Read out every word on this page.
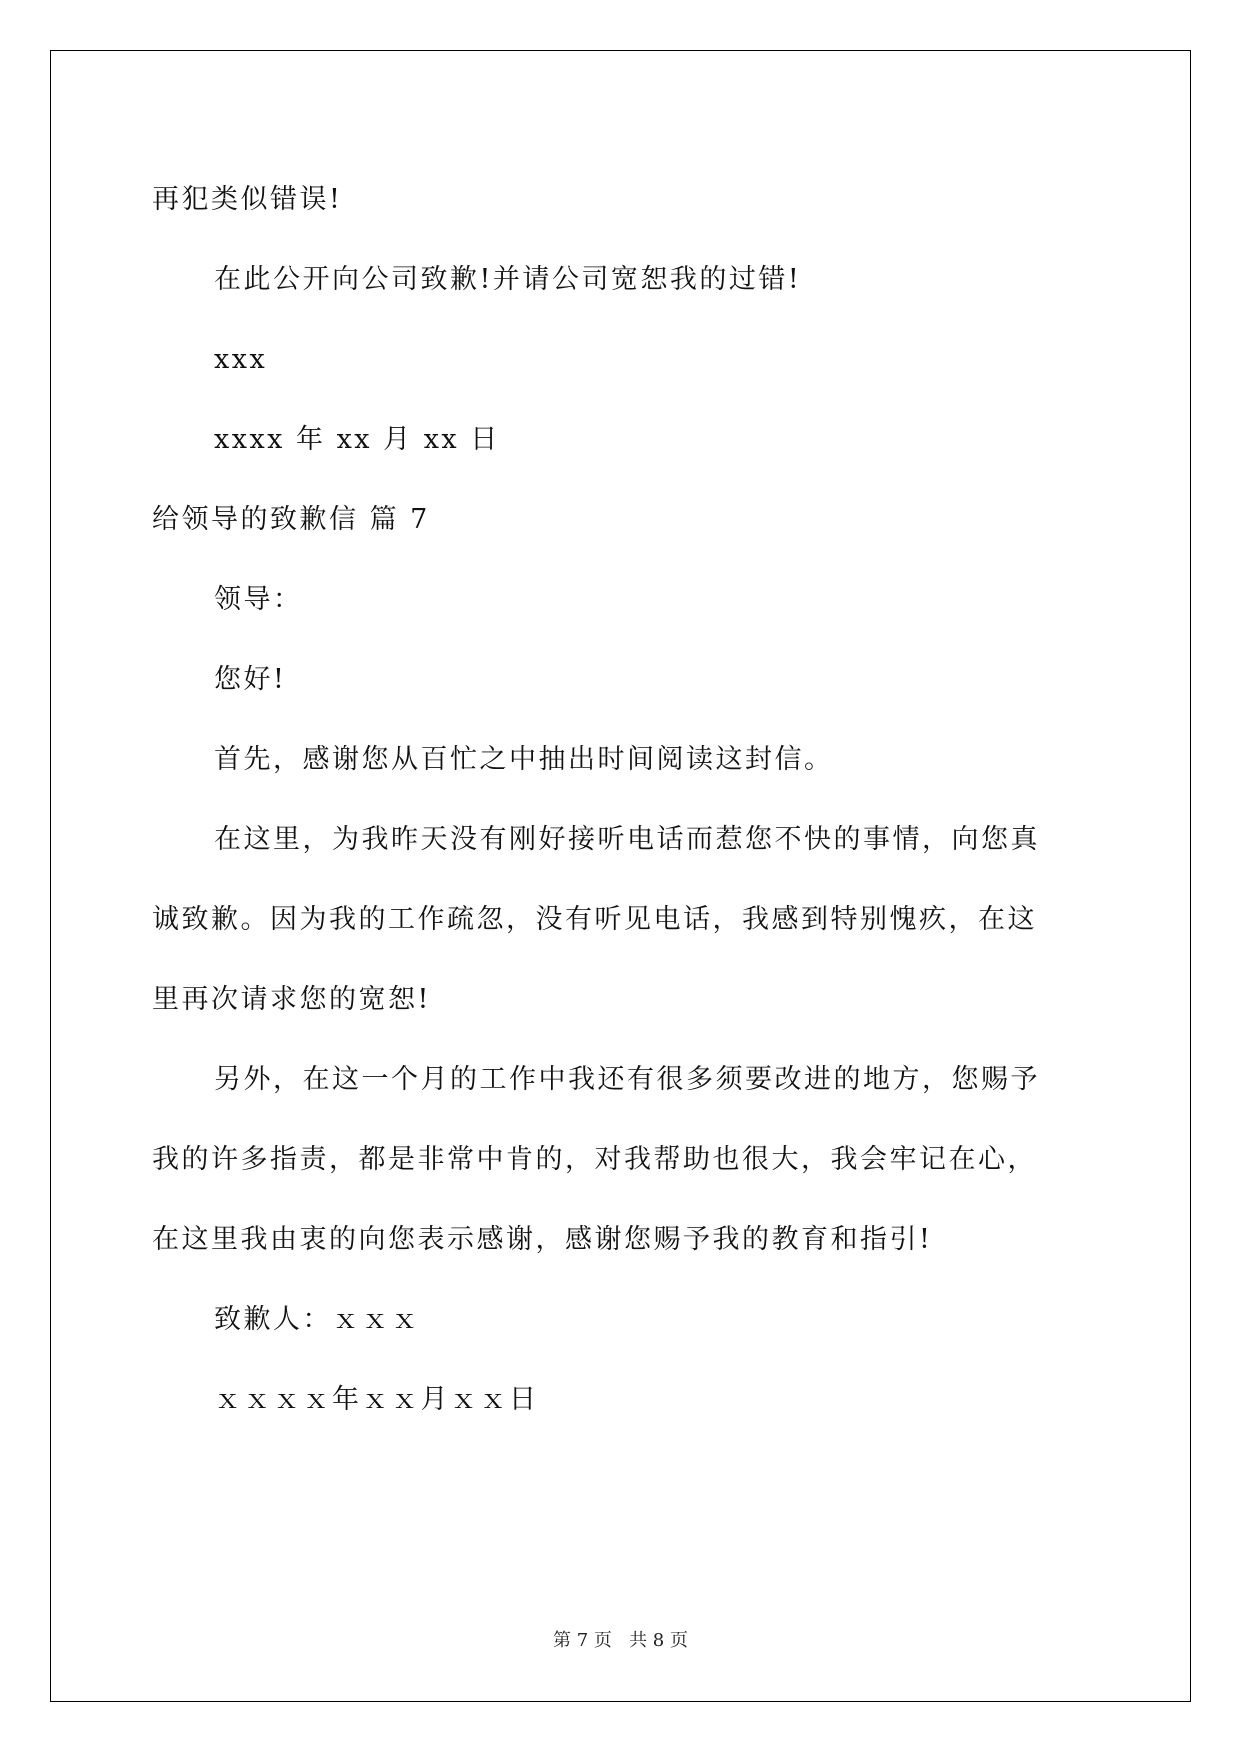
再犯类似错误!
在此公开向公司致歉!并请公司宽恕我的过错!
xxx
xxxx 年 xx 月 xx 日
给领导的致歉信 篇 7
领导：
您好!
首先，感谢您从百忙之中抽出时间阅读这封信。
在这里，为我昨天没有刚好接听电话而惹您不快的事情，向您真
诚致歉。因为我的工作疏忽，没有听见电话，我感到特别愧疚，在这
里再次请求您的宽恕!
另外，在这一个月的工作中我还有很多须要改进的地方，您赐予
我的许多指责，都是非常中肯的，对我帮助也很大，我会牢记在心，
在这里我由衷的向您表示感谢，感谢您赐予我的教育和指引!
致歉人：ｘｘｘ
ｘｘｘｘ年ｘｘ月ｘｘ日
第 7 页   共 8 页
